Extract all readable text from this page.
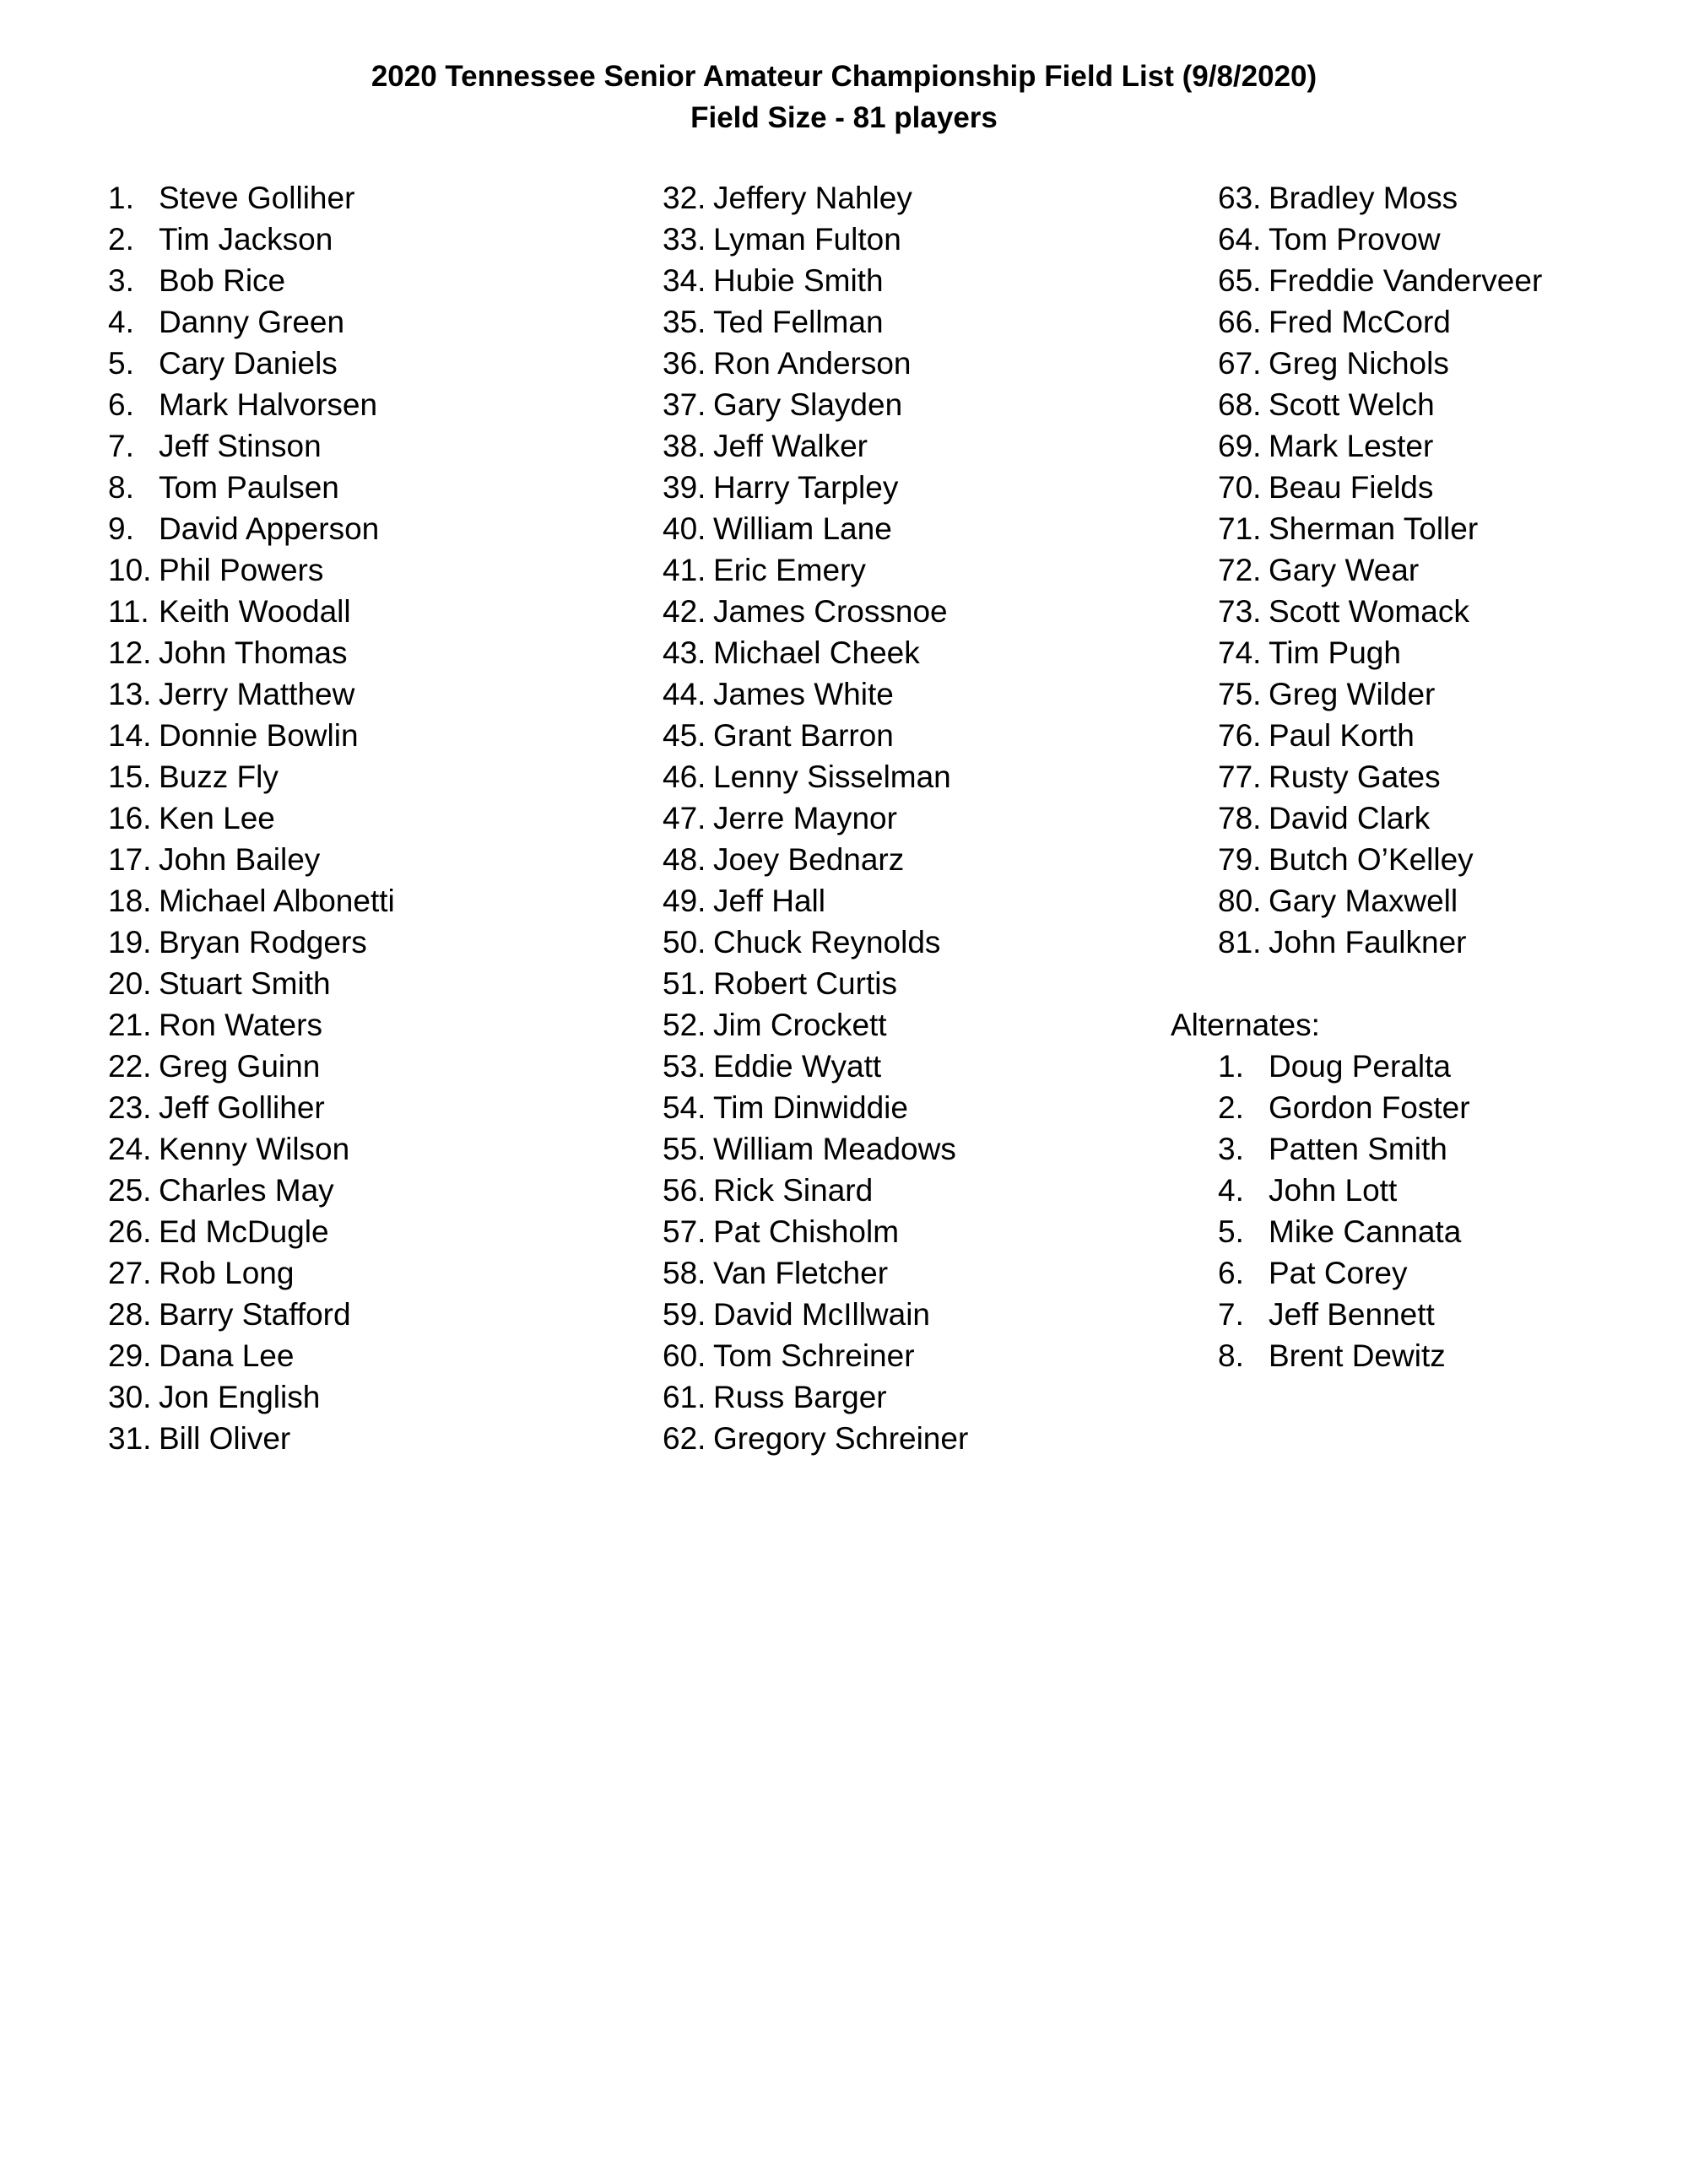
2020 Tennessee Senior Amateur Championship Field List (9/8/2020)
Field Size - 81 players
1. Steve Golliher
2. Tim Jackson
3. Bob Rice
4. Danny Green
5. Cary Daniels
6. Mark Halvorsen
7. Jeff Stinson
8. Tom Paulsen
9. David Apperson
10. Phil Powers
11. Keith Woodall
12. John Thomas
13. Jerry Matthew
14. Donnie Bowlin
15. Buzz Fly
16. Ken Lee
17. John Bailey
18. Michael Albonetti
19. Bryan Rodgers
20. Stuart Smith
21. Ron Waters
22. Greg Guinn
23. Jeff Golliher
24. Kenny Wilson
25. Charles May
26. Ed McDugle
27. Rob Long
28. Barry Stafford
29. Dana Lee
30. Jon English
31. Bill Oliver
32. Jeffery Nahley
33. Lyman Fulton
34. Hubie Smith
35. Ted Fellman
36. Ron Anderson
37. Gary Slayden
38. Jeff Walker
39. Harry Tarpley
40. William Lane
41. Eric Emery
42. James Crossnoe
43. Michael Cheek
44. James White
45. Grant Barron
46. Lenny Sisselman
47. Jerre Maynor
48. Joey Bednarz
49. Jeff Hall
50. Chuck Reynolds
51. Robert Curtis
52. Jim Crockett
53. Eddie Wyatt
54. Tim Dinwiddie
55. William Meadows
56. Rick Sinard
57. Pat Chisholm
58. Van Fletcher
59. David McIllwain
60. Tom Schreiner
61. Russ Barger
62. Gregory Schreiner
63. Bradley Moss
64. Tom Provow
65. Freddie Vanderveer
66. Fred McCord
67. Greg Nichols
68. Scott Welch
69. Mark Lester
70. Beau Fields
71. Sherman Toller
72. Gary Wear
73. Scott Womack
74. Tim Pugh
75. Greg Wilder
76. Paul Korth
77. Rusty Gates
78. David Clark
79. Butch O’Kelley
80. Gary Maxwell
81. John Faulkner
Alternates:
1. Doug Peralta
2. Gordon Foster
3. Patten Smith
4. John Lott
5. Mike Cannata
6. Pat Corey
7. Jeff Bennett
8. Brent Dewitz
